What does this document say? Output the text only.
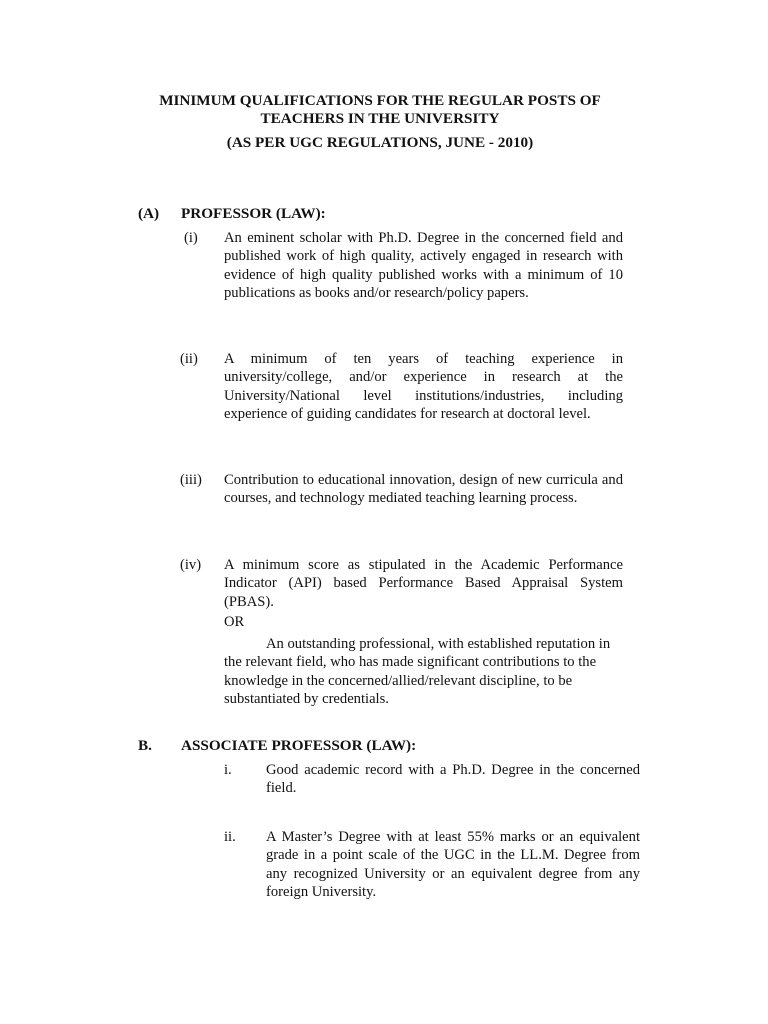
MINIMUM QUALIFICATIONS FOR THE REGULAR POSTS OF
TEACHERS IN THE UNIVERSITY
(AS PER UGC REGULATIONS, JUNE - 2010)
(A) PROFESSOR (LAW):
(i) An eminent scholar with Ph.D. Degree in the concerned field and published work of high quality, actively engaged in research with evidence of high quality published works with a minimum of 10 publications as books and/or research/policy papers.
(ii) A minimum of ten years of teaching experience in university/college, and/or experience in research at the University/National level institutions/industries, including experience of guiding candidates for research at doctoral level.
(iii) Contribution to educational innovation, design of new curricula and courses, and technology mediated teaching learning process.
(iv) A minimum score as stipulated in the Academic Performance Indicator (API) based Performance Based Appraisal System (PBAS).
OR
An outstanding professional, with established reputation in the relevant field, who has made significant contributions to the knowledge in the concerned/allied/relevant discipline, to be substantiated by credentials.
B. ASSOCIATE PROFESSOR (LAW):
i. Good academic record with a Ph.D. Degree in the concerned field.
ii. A Master’s Degree with at least 55% marks or an equivalent grade in a point scale of the UGC in the LL.M. Degree from any recognized University or an equivalent degree from any foreign University.
